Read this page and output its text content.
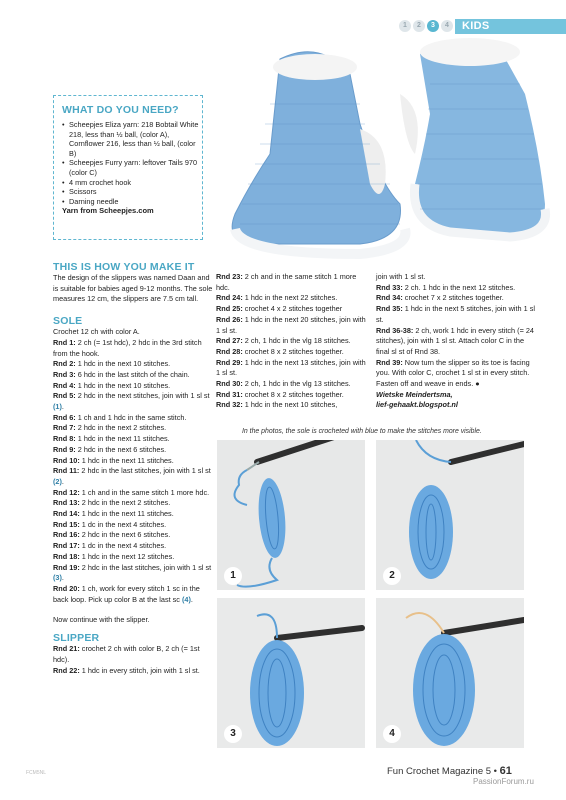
1	2	3	4	KIDS
WHAT DO YOU NEED?
• Scheepjes Eliza yarn: 218 Bobtail White 218, less than ½ ball, (color A), Cornflower 216, less than ½ ball, (color B)
• Scheepjes Furry yarn: leftover Tails 970 (color C)
• 4 mm crochet hook
• Scissors
• Darning needle
Yarn from Scheepjes.com
THIS IS HOW YOU MAKE IT
The design of the slippers was named Daan and is suitable for babies aged 9-12 months. The sole measures 12 cm, the slippers are 7.5 cm tall.
SOLE
Crochet 12 ch with color A.
Rnd 1: 2 ch (= 1st hdc), 2 hdc in the 3rd stitch from the hook.
Rnd 2: 1 hdc in the next 10 stitches.
Rnd 3: 6 hdc in the last stitch of the chain.
Rnd 4: 1 hdc in the next 10 stitches.
Rnd 5: 2 hdc in the next stitches, join with 1 sl st (1).
Rnd 6: 1 ch and 1 hdc in the same stitch.
Rnd 7: 2 hdc in the next 2 stitches.
Rnd 8: 1 hdc in the next 11 stitches.
Rnd 9: 2 hdc in the next 6 stitches.
Rnd 10: 1 hdc in the next 11 stitches.
Rnd 11: 2 hdc in the last stitches, join with 1 sl st (2).
Rnd 12: 1 ch and in the same stitch 1 more hdc.
Rnd 13: 2 hdc in the next 2 stitches.
Rnd 14: 1 hdc in the next 11 stitches.
Rnd 15: 1 dc in the next 4 stitches.
Rnd 16: 2 hdc in the next 6 stitches.
Rnd 17: 1 dc in the next 4 stitches.
Rnd 18: 1 hdc in the next 12 stitches.
Rnd 19: 2 hdc in the last stitches, join with 1 sl st (3).
Rnd 20: 1 ch, work for every stitch 1 sc in the back loop. Pick up color B at the last sc (4).
Now continue with the slipper.
SLIPPER
Rnd 21: crochet 2 ch with color B, 2 ch (= 1st hdc).
Rnd 22: 1 hdc in every stitch, join with 1 sl st.
Rnd 23: 2 ch and in the same stitch 1 more hdc.
Rnd 24: 1 hdc in the next 22 stitches.
Rnd 25: crochet 4 x 2 stitches together
Rnd 26: 1 hdc in the next 20 stitches, join with 1 sl st.
Rnd 27: 2 ch, 1 hdc in the vlg 18 stitches.
Rnd 28: crochet 8 x 2 stitches together.
Rnd 29: 1 hdc in the next 13 stitches, join with 1 sl st.
Rnd 30: 2 ch, 1 hdc in the vlg 13 stitches.
Rnd 31: crochet 8 x 2 stitches together.
Rnd 32: 1 hdc in the next 10 stitches,
join with 1 sl st.
Rnd 33: 2 ch. 1 hdc in the next 12 stitches.
Rnd 34: crochet 7 x 2 stitches together.
Rnd 35: 1 hdc in the next 5 stitches, join with 1 sl st.
Rnd 36-38: 2 ch, work 1 hdc in every stitch (= 24 stitches), join with 1 sl st. Attach color C in the final sl st of Rnd 38.
Rnd 39: Now turn the slipper so its toe is facing you. With color C, crochet 1 sl st in every stitch. Fasten off and weave in ends. ●
Wietske Meindertsma,
lief-gehaakt.blogspot.nl
In the photos, the sole is crocheted with blue to make the stitches more visible.
1	2
3	4
FCM5NL	Fun Crochet Magazine 5 • 61
PassionForum.ru
